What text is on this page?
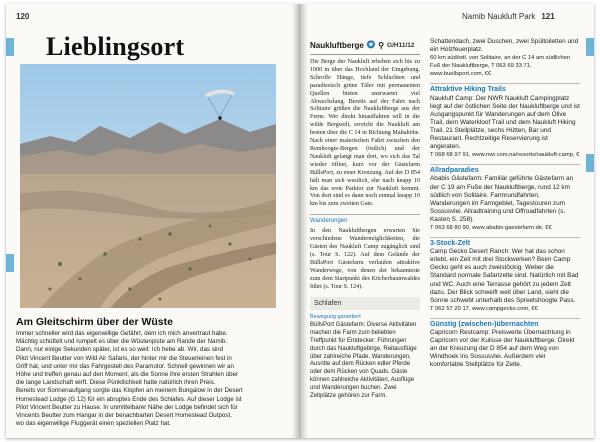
120
Lieblingsort
Am Gleitschirm über der Wüste
Immer schneller wird das eigenwillige Gefährt, dem ich mich anvertraut habe.
Mächtig schüttelt und rumpelt es über die Wüstenpiste am Rande der Namib.
Dann, nur einige Sekunden später, ist es so weit: Ich hebe ab. Wir, das sind
Pilot Vincent Beutter von Wild Air Safaris, der hinter mir die Steuerleinen fest in
Griff hat, und unter mir das Fahrgestell des Paramotor. Schnell gewinnen wir an
Höhe und treffen genau auf den Moment, als die Sonne ihre ersten Strahlen über
die lange Landschaft wirft. Diese Pünktlichkeit hatte natürlich ihren Preis.
Bereits vor Sonnenaufgang sorgte das Klopfen an meinem Bungalow in der Desert
Homestead Lodge (G 12) für ein abruptes Ende des Schlafes. Auf dieser Lodge ist
Pilot Vincent Beutter zu Hause. In unmittelbarer Nähe der Lodge befindet sich für
Vincents Beutter zum Hangar in der benachbarten Desert Homestead Outpost,
wo das eigenwillige Fluggerät einen speziellen Platz hat.
Namib Naukluft Park 121
Naukluftberge ✪ ⚲ G/H11/12
Die Berge der Naukluft erheben sich bis zu 1000 m über das Hochland der Umgebung. Schroffe Hänge, tiefe Schluchten und paradiesisch grüne Täler mit permanenten Quellen bieten unerwartet viel Abwechslung. Bereits auf der Fahrt nach Solitaire grüßen die Naukluftberge aus der Ferne. Wer direkt hinauffahren will in die wilde Bergwelt, erreicht die Naukluft am besten über die C 14 in Richtung Maltahöhe. Nach einer malerischen Fahrt zwischen den Remhoogte-Bergen (östlich) und der Naukluft gelangt man dort, wo sich das Tal wieder öffnet, kurz vor der Gästefarm BüllsPort, zu einer Kreuzung. Auf der D 854 hält man sich westlich, ehe nach knapp 10 km das erste Parktor zur Naukluft kommt. Von dort sind es dann noch einmal knapp 10 km bis zum zweiten Gate.
Wanderungen
In den Naukluftbergen erwarten Sie verschiedene Wandermöglichkeiten, die Gästen des Naukluft Camp zugänglich sind (s. Tour S. 122). Auf dem Gelände der BüllsPort Gästefarm verlaufen attraktive Wanderwege, von denen der bekannteste zum dem Startpunkt des Köcherbaumwaldes führt (s. Tour S. 124).
Schlafen
Bewegung garantiert
BüllsPort Gästefarm: Diverse Aktivitäten machen die Farm zum beliebten Treffpunkt für Entdecker: Führungen durch das Naukluftgebirge, Reitausflüge über zahlreiche Pfade, Wanderungen, Ausritte auf dem Rücken edler Pferde oder dem Rücken von Quads. Gäste können zahlreiche Aktivitäten, Ausflüge und Wanderungen buchen. Zwei Zeltplätze gehören zur Farm.
Schattendach, zwei Duschen, zwei Spültoiletten und ein Holzfeuerplatz.
60 km südöstl. von Solitaire, an der C 14 am südlichen Fuß der Naukluftberge, T 063 69 33 71, www.buellsport.com, €€
Attraktive Hiking Trails
Naukluft Camp: Der NWR Naukluft Campingplatz liegt auf der östlichen Seite der Naukluftberge und ist Ausgangspunkt für Wanderungen auf dem Olive Trail, dem Waterkloof Trail und dem Naukluft Hiking Trail. 21 Stellplätze, sechs Hütten, Bar und Restaurant. Rechtzeitige Reservierung ist angeraten.
T 068 68 97 91, www.nwr.com.na/resorts/naukluft-camp, €
Allradparadies
Ababis Gästefarm: Familiär geführte Gästefarm an der C 19 am Fuße der Naukluftberge, rund 12 km südlich von Solitaire. Farmrundfahrten, Wanderungen im Farmgebiet, Tagestouren zum Sossusvlei. Allradtraining und Offroadfahrten (s. Kasten S. 258).
T 063 68 80 90, www.ababis-gaestefarm.de, €€
3-Stock-Zelt
Camp Gecko Desert Ranch: Wer hat das schon erlebt, ein Zelt mit drei Stockwerken? Beim Camp Gecko geht es auch zweistöckig. Weber die Standard normale Safarizelte sind. Natürlich mit Bad und WC. Auch eine Terrasse gehört zu jedem Zelt dazu. Der Blick schweift weit über Land, sieht die Sonne schwebt unterhalb des Spreetshoogte Pass.
T 062 57 20 17, www.campgecko.com, €€
Günstig (zwischen-)übernachten
Capricorn Restcamp: Preiswerte Übernachtung in Capricorn vor der Kulisse der Naukluftberge. Direkt an der Kreuzung der D 854 auf dem Weg von Windhoek ins Sossusvlei. Außerdem vier komfortable Stellplätze für Zelte.
